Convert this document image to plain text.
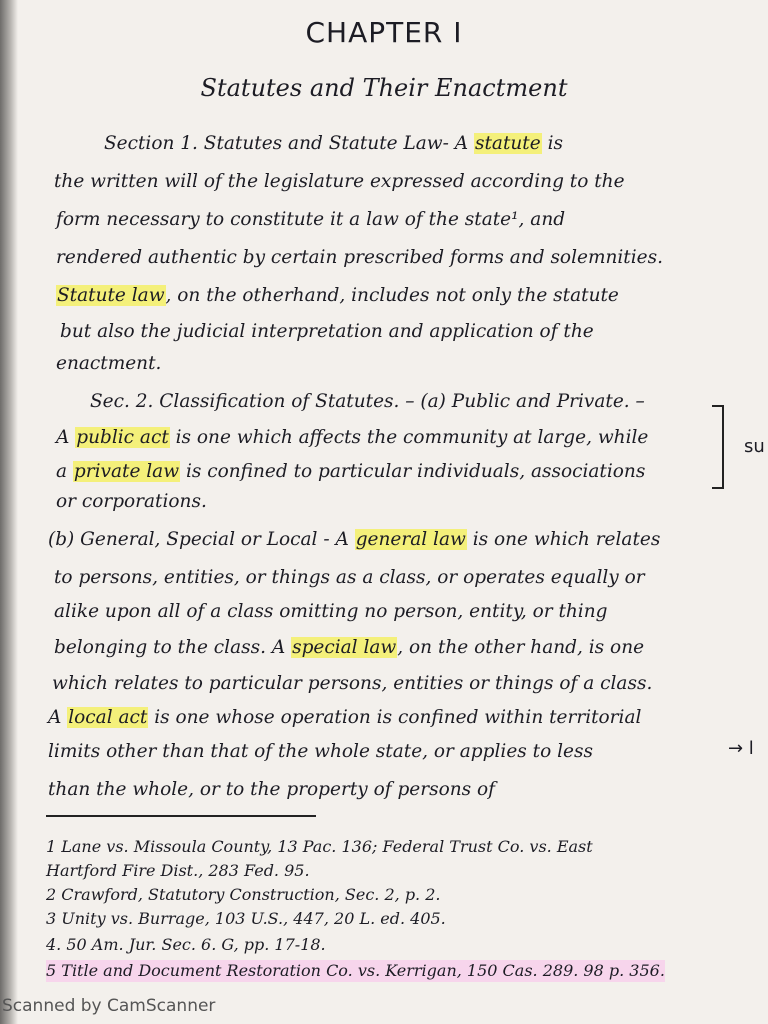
CHAPTER I
Statutes and Their Enactment
Section 1. Statutes and Statute Law- A statute is
the written will of the legislature expressed according to the
form necessary to constitute it a law of the state¹, and
rendered authentic by certain prescribed forms and solemnities.
Statute law, on the otherhand, includes not only the statute
but also the judicial interpretation and application of the
enactment.
Sec. 2. Classification of Statutes. – (a) Public and Private. –
A public act is one which affects the community at large, while
a private law is confined to particular individuals, associations
or corporations.
su
(b) General, Special or Local - A general law is one which relates
to persons, entities, or things as a class, or operates equally or
alike upon all of a class omitting no person, entity, or thing
belonging to the class. A special law, on the other hand, is one
which relates to particular persons, entities or things of a class.
A local act is one whose operation is confined within territorial
limits other than that of the whole state, or applies to less
than the whole, or to the property of persons of
→ l
1 Lane vs. Missoula County, 13 Pac. 136; Federal Trust Co. vs. East
Hartford Fire Dist., 283 Fed. 95.
2 Crawford, Statutory Construction, Sec. 2, p. 2.
3 Unity vs. Burrage, 103 U.S., 447, 20 L. ed. 405.
4. 50 Am. Jur. Sec. 6. G, pp. 17-18.
5 Title and Document Restoration Co. vs. Kerrigan, 150 Cas. 289. 98 p. 356.
Scanned by CamScanner
